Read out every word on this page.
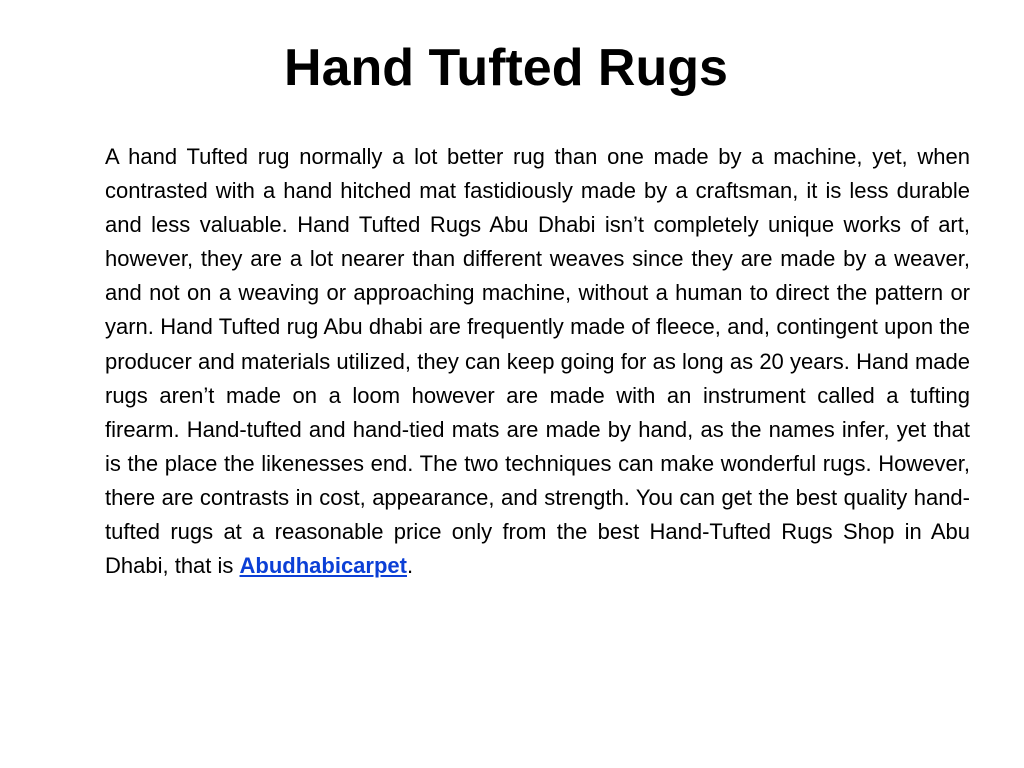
Hand Tufted Rugs

A hand Tufted rug normally a lot better rug than one made by a machine, yet, when contrasted with a hand hitched mat fastidiously made by a craftsman, it is less durable and less valuable. Hand Tufted Rugs Abu Dhabi isn’t completely unique works of art, however, they are a lot nearer than different weaves since they are made by a weaver, and not on a weaving or approaching machine, without a human to direct the pattern or yarn. Hand Tufted rug Abu dhabi are frequently made of fleece, and, contingent upon the producer and materials utilized, they can keep going for as long as 20 years. Hand made rugs aren’t made on a loom however are made with an instrument called a tufting firearm. Hand-tufted and hand-tied mats are made by hand, as the names infer, yet that is the place the likenesses end. The two techniques can make wonderful rugs. However, there are contrasts in cost, appearance, and strength. You can get the best quality hand-tufted rugs at a reasonable price only from the best Hand-Tufted Rugs Shop in Abu Dhabi, that is Abudhabicarpet.
